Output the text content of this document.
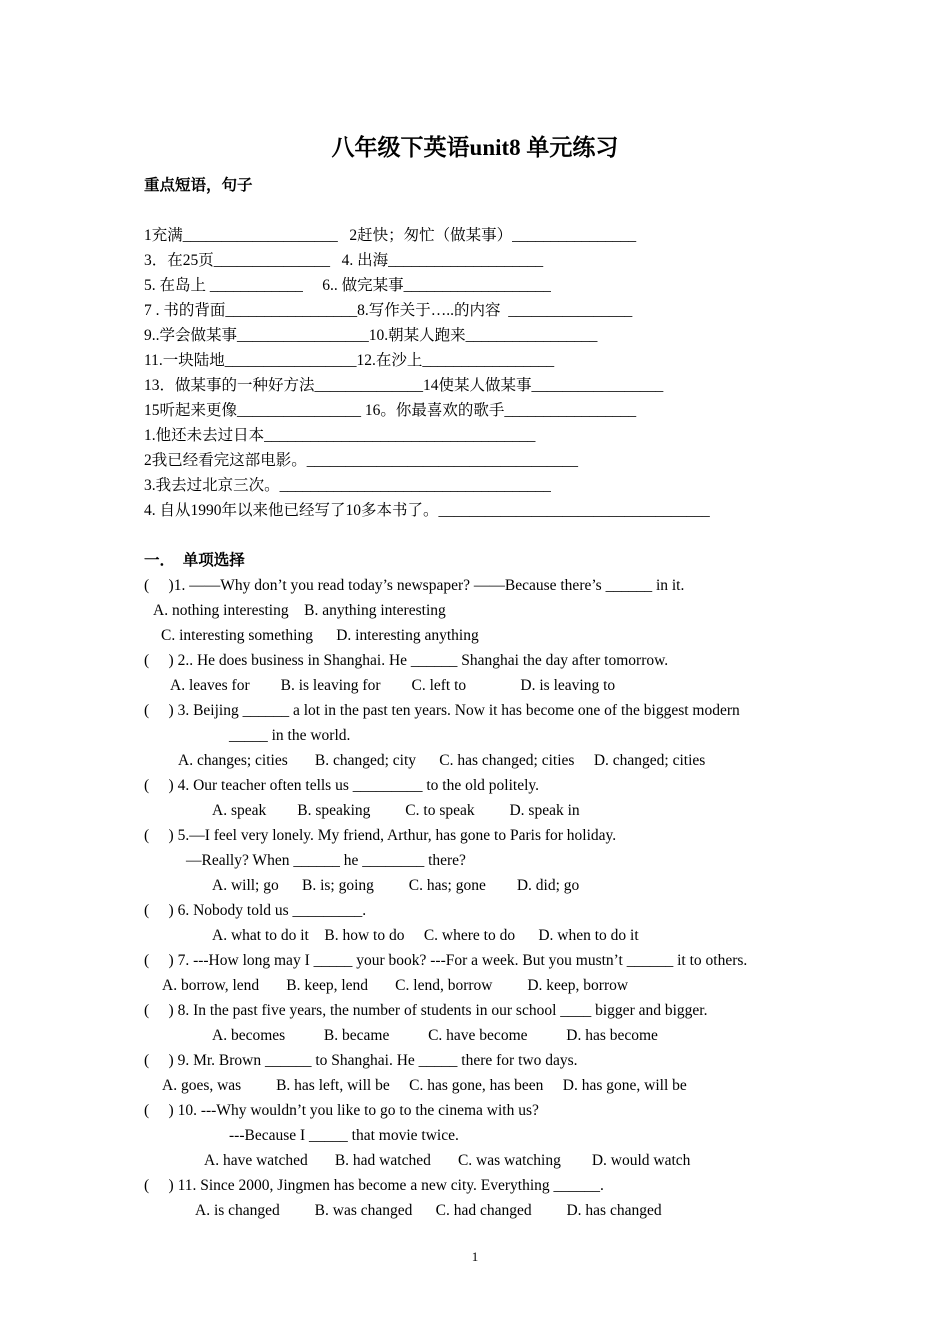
八年级下英语unit8 单元练习
重点短语，句子
1充满____________________   2赶快；匆忙（做某事）________________
3．在25页_______________   4. 出海____________________
5. 在岛上 ____________     6.. 做完某事___________________
7 . 书的背面_________________8.写作关于…..的内容  ________________
9..学会做某事_________________10.朝某人跑来_________________
11.一块陆地_________________12.在沙上_________________
13．做某事的一种好方法______________14使某人做某事_________________
15听起来更像________________ 16。你最喜欢的歌手_________________
1.他还未去过日本___________________________________
2我已经看完这部电影。___________________________________
3.我去过北京三次。___________________________________
4. 自从1990年以来他已经写了10多本书了。___________________________________
一．  单项选择
(     )1. ——Why don’t you read today’s newspaper? ——Because there’s ______ in it.
A. nothing interesting    B. anything interesting
C. interesting something      D. interesting anything
(     ) 2.. He does business in Shanghai. He ______ Shanghai the day after tomorrow.
A. leaves for        B. is leaving for        C. left to              D. is leaving to
(     ) 3. Beijing ______ a lot in the past ten years. Now it has become one of the biggest modern
_____ in the world.
A. changes; cities       B. changed; city      C. has changed; cities     D. changed; cities
(     ) 4. Our teacher often tells us _________ to the old politely.
A. speak        B. speaking         C. to speak         D. speak in
(     ) 5.—I feel very lonely. My friend, Arthur, has gone to Paris for holiday.
—Really? When ______ he ________ there?
A. will; go      B. is; going         C. has; gone        D. did; go
(     ) 6. Nobody told us _________.
A. what to do it    B. how to do     C. where to do      D. when to do it
(     ) 7. ---How long may I _____ your book? ---For a week. But you mustn’t ______ it to others.
A. borrow, lend       B. keep, lend       C. lend, borrow         D. keep, borrow
(     ) 8. In the past five years, the number of students in our school ____ bigger and bigger.
A. becomes          B. became          C. have become          D. has become
(     ) 9. Mr. Brown ______ to Shanghai. He _____ there for two days.
A. goes, was         B. has left, will be     C. has gone, has been     D. has gone, will be
(     ) 10. ---Why wouldn’t you like to go to the cinema with us?
---Because I _____ that movie twice.
A. have watched       B. had watched       C. was watching        D. would watch
(     ) 11. Since 2000, Jingmen has become a new city. Everything ______.
A. is changed         B. was changed      C. had changed         D. has changed
1
